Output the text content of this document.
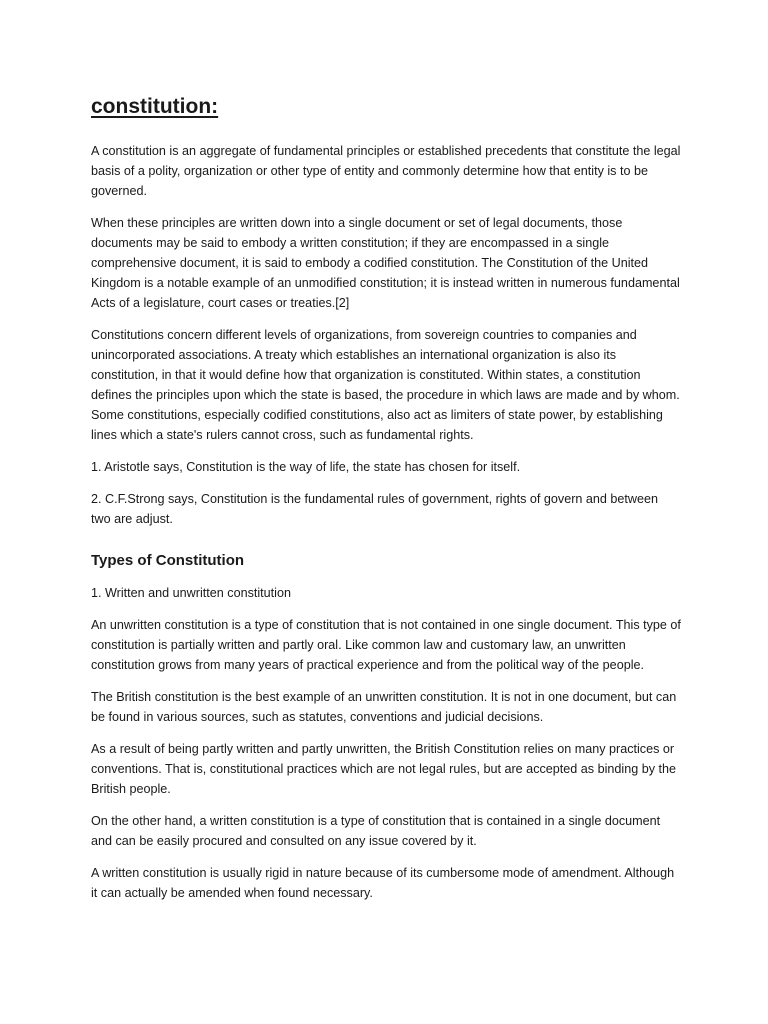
constitution:

A constitution is an aggregate of fundamental principles or established precedents that constitute the legal basis of a polity, organization or other type of entity and commonly determine how that entity is to be governed.

When these principles are written down into a single document or set of legal documents, those documents may be said to embody a written constitution; if they are encompassed in a single comprehensive document, it is said to embody a codified constitution. The Constitution of the United Kingdom is a notable example of an unmodified constitution; it is instead written in numerous fundamental Acts of a legislature, court cases or treaties.[2]

Constitutions concern different levels of organizations, from sovereign countries to companies and unincorporated associations. A treaty which establishes an international organization is also its constitution, in that it would define how that organization is constituted. Within states, a constitution defines the principles upon which the state is based, the procedure in which laws are made and by whom. Some constitutions, especially codified constitutions, also act as limiters of state power, by establishing lines which a state's rulers cannot cross, such as fundamental rights.

1. Aristotle says, Constitution is the way of life, the state has chosen for itself.

2. C.F.Strong says, Constitution is the fundamental rules of government, rights of govern and between two are adjust.

Types of Constitution

1. Written and unwritten constitution

An unwritten constitution is a type of constitution that is not contained in one single document. This type of constitution is partially written and partly oral. Like common law and customary law, an unwritten constitution grows from many years of practical experience and from the political way of the people.

The British constitution is the best example of an unwritten constitution. It is not in one document, but can be found in various sources, such as statutes, conventions and judicial decisions.

As a result of being partly written and partly unwritten, the British Constitution relies on many practices or conventions. That is, constitutional practices which are not legal rules, but are accepted as binding by the British people.

On the other hand, a written constitution is a type of constitution that is contained in a single document and can be easily procured and consulted on any issue covered by it.

A written constitution is usually rigid in nature because of its cumbersome mode of amendment. Although it can actually be amended when found necessary.
